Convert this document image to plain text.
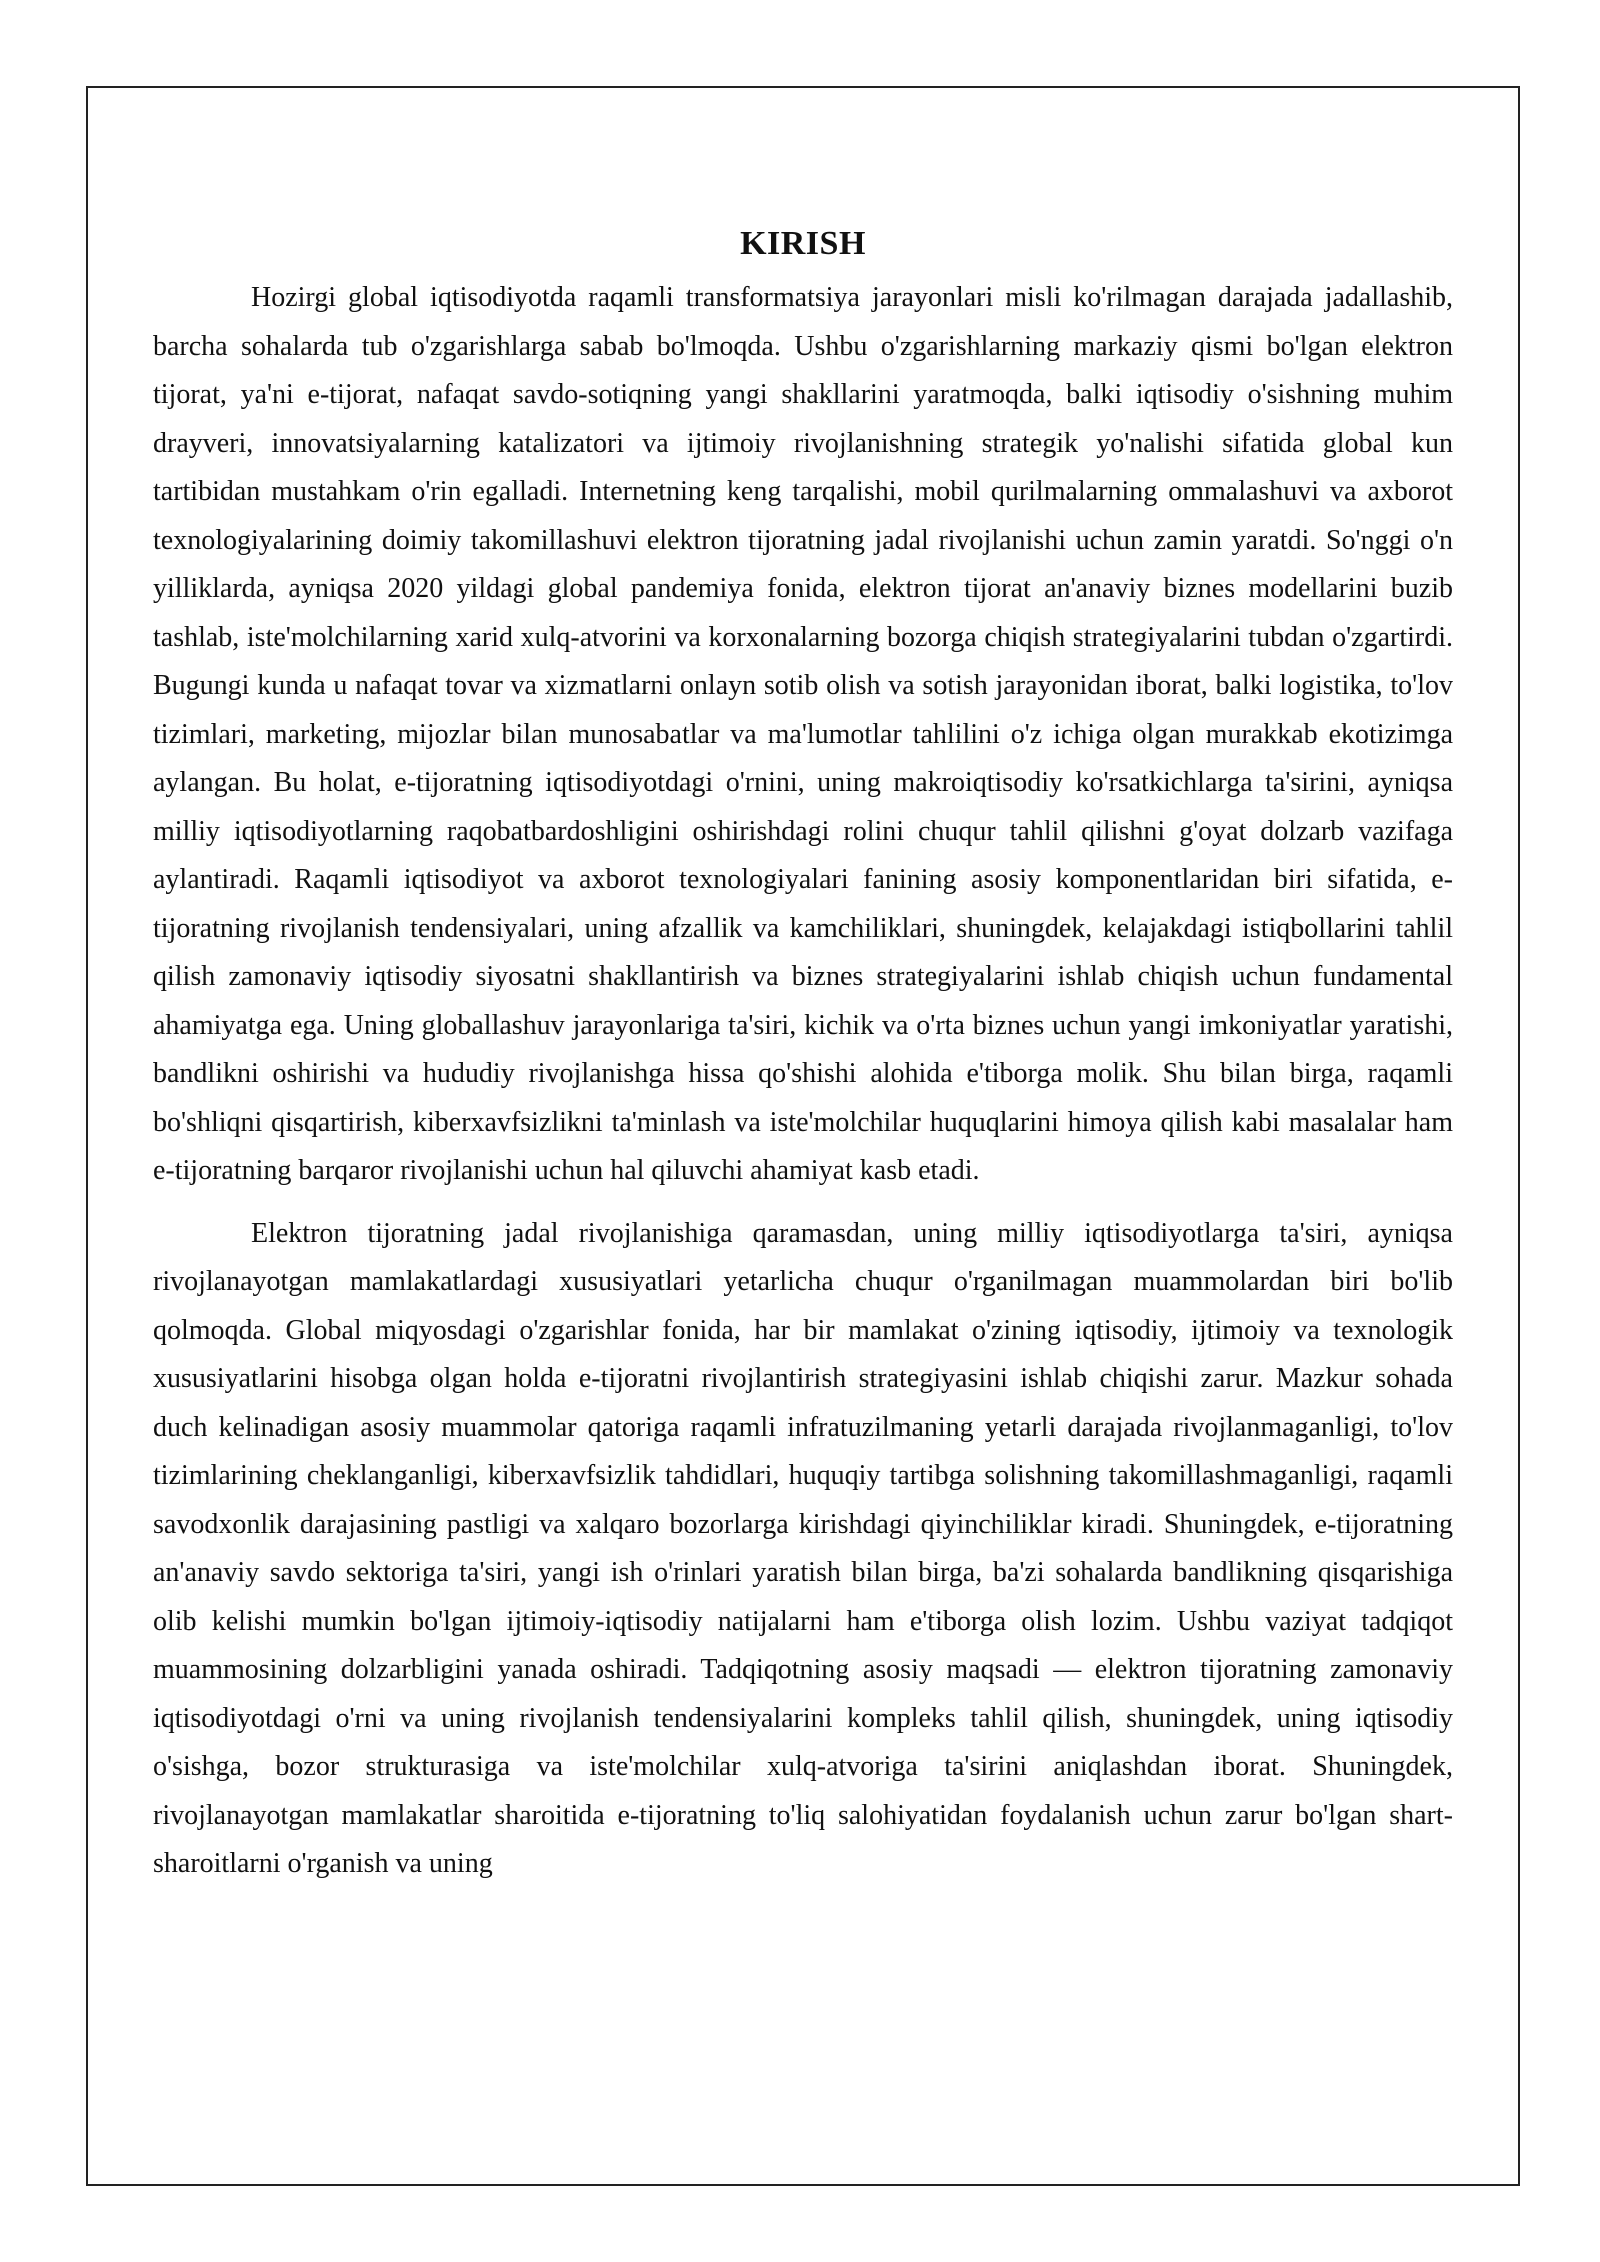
KIRISH

Hozirgi global iqtisodiyotda raqamli transformatsiya jarayonlari misli ko'rilmagan darajada jadallashib, barcha sohalarda tub o'zgarishlarga sabab bo'lmoqda. Ushbu o'zgarishlarning markaziy qismi bo'lgan elektron tijorat, ya'ni e-tijorat, nafaqat savdo-sotiqning yangi shakllarini yaratmoqda, balki iqtisodiy o'sishning muhim drayveri, innovatsiyalarning katalizatori va ijtimoiy rivojlanishning strategik yo'nalishi sifatida global kun tartibidan mustahkam o'rin egalladi. Internetning keng tarqalishi, mobil qurilmalarning ommalashuvi va axborot texnologiyalarining doimiy takomillashuvi elektron tijoratning jadal rivojlanishi uchun zamin yaratdi. So'nggi o'n yilliklarda, ayniqsa 2020 yildagi global pandemiya fonida, elektron tijorat an'anaviy biznes modellarini buzib tashlab, iste'molchilarning xarid xulq-atvorini va korxonalarning bozorga chiqish strategiyalarini tubdan o'zgartirdi. Bugungi kunda u nafaqat tovar va xizmatlarni onlayn sotib olish va sotish jarayonidan iborat, balki logistika, to'lov tizimlari, marketing, mijozlar bilan munosabatlar va ma'lumotlar tahlilini o'z ichiga olgan murakkab ekotizimga aylangan. Bu holat, e-tijoratning iqtisodiyotdagi o'rnini, uning makroiqtisodiy ko'rsatkichlarga ta'sirini, ayniqsa milliy iqtisodiyotlarning raqobatbardoshligini oshirishdagi rolini chuqur tahlil qilishni g'oyat dolzarb vazifaga aylantiradi. Raqamli iqtisodiyot va axborot texnologiyalari fanining asosiy komponentlaridan biri sifatida, e-tijoratning rivojlanish tendensiyalari, uning afzallik va kamchiliklari, shuningdek, kelajakdagi istiqbollarini tahlil qilish zamonaviy iqtisodiy siyosatni shakllantirish va biznes strategiyalarini ishlab chiqish uchun fundamental ahamiyatga ega. Uning globallashuv jarayonlariga ta'siri, kichik va o'rta biznes uchun yangi imkoniyatlar yaratishi, bandlikni oshirishi va hududiy rivojlanishga hissa qo'shishi alohida e'tiborga molik. Shu bilan birga, raqamli bo'shliqni qisqartirish, kiberxavfsizlikni ta'minlash va iste'molchilar huquqlarini himoya qilish kabi masalalar ham e-tijoratning barqaror rivojlanishi uchun hal qiluvchi ahamiyat kasb etadi.

Elektron tijoratning jadal rivojlanishiga qaramasdan, uning milliy iqtisodiyotlarga ta'siri, ayniqsa rivojlanayotgan mamlakatlardagi xususiyatlari yetarlicha chuqur o'rganilmagan muammolardan biri bo'lib qolmoqda. Global miqyosdagi o'zgarishlar fonida, har bir mamlakat o'zining iqtisodiy, ijtimoiy va texnologik xususiyatlarini hisobga olgan holda e-tijoratni rivojlantirish strategiyasini ishlab chiqishi zarur. Mazkur sohada duch kelinadigan asosiy muammolar qatoriga raqamli infratuzilmaning yetarli darajada rivojlanmaganligi, to'lov tizimlarining cheklanganligi, kiberxavfsizlik tahdidlari, huquqiy tartibga solishning takomillashmaganligi, raqamli savodxonlik darajasining pastligi va xalqaro bozorlarga kirishdagi qiyinchiliklar kiradi. Shuningdek, e-tijoratning an'anaviy savdo sektoriga ta'siri, yangi ish o'rinlari yaratish bilan birga, ba'zi sohalarda bandlikning qisqarishiga olib kelishi mumkin bo'lgan ijtimoiy-iqtisodiy natijalarni ham e'tiborga olish lozim. Ushbu vaziyat tadqiqot muammosining dolzarbligini yanada oshiradi. Tadqiqotning asosiy maqsadi — elektron tijoratning zamonaviy iqtisodiyotdagi o'rni va uning rivojlanish tendensiyalarini kompleks tahlil qilish, shuningdek, uning iqtisodiy o'sishga, bozor strukturasiga va iste'molchilar xulq-atvoriga ta'sirini aniqlashdan iborat. Shuningdek, rivojlanayotgan mamlakatlar sharoitida e-tijoratning to'liq salohiyatidan foydalanish uchun zarur bo'lgan shart-sharoitlarni o'rganish va uning
